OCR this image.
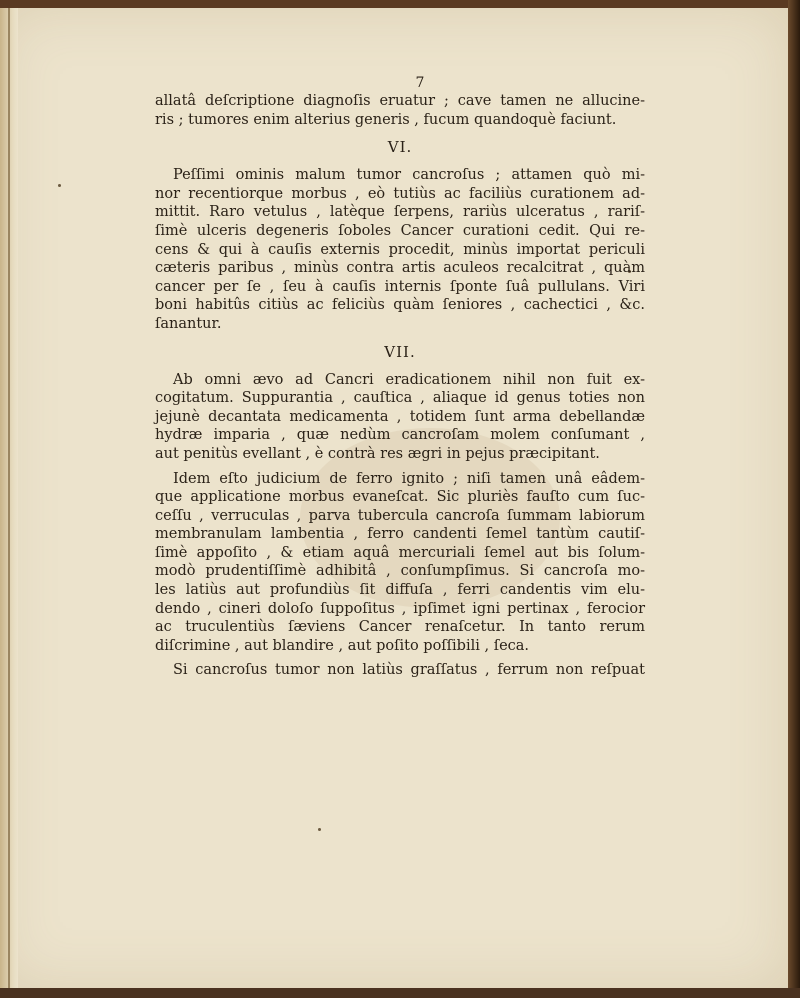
7
allatâ deſcriptione diagnoſis eruatur ; cave tamen ne allucine-
ris ; tumores enim alterius generis , fucum quandoquè faciunt.
VI.
Peſſimi ominis malum tumor cancroſus ; attamen quò mi-
nor recentiorque morbus , eò tutiùs ac faciliùs curationem ad-
mittit. Raro vetulus , latèque ſerpens, rariùs ulceratus , rariſ-
ſimè ulceris degeneris ſoboles Cancer curationi cedit. Qui re-
cens & qui à cauſis externis procedit, minùs importat periculi
cæteris paribus , minùs contra artis aculeos recalcitrat , quàm
cancer per ſe , ſeu à cauſis internis ſponte ſuâ pullulans. Viri
boni habitûs citiùs ac feliciùs quàm ſeniores , cachectici , &c.
ſanantur.
VII.
Ab omni ævo ad Cancri eradicationem nihil non fuit ex-
cogitatum. Suppurantia , cauſtica , aliaque id genus toties non
jejunè decantata medicamenta , totidem ſunt arma debellandæ
hydræ imparia , quæ nedùm cancroſam molem conſumant ,
aut penitùs evellant , è contrà res ægri in pejus præcipitant.
Idem eſto judicium de ferro ignito ; niſi tamen unâ eâdem-
que applicatione morbus evaneſcat. Sic pluriès fauſto cum ſuc-
ceſſu , verruculas , parva tubercula cancroſa ſummam labiorum
membranulam lambentia , ferro candenti ſemel tantùm cautiſ-
ſimè appoſito , & etiam aquâ mercuriali ſemel aut bis ſolum-
modò prudentiſſimè adhibitâ , conſumpſimus. Si cancroſa mo-
les latiùs aut profundiùs ſit diffuſa , ferri candentis vim elu-
dendo , cineri doloſo ſuppoſitus , ipſimet igni pertinax , ferocior
ac truculentiùs ſæviens Cancer renaſcetur. In tanto rerum
diſcrimine , aut blandire , aut poſito poſſibili , ſeca.
Si cancroſus tumor non latiùs graſſatus , ferrum non reſpuat
